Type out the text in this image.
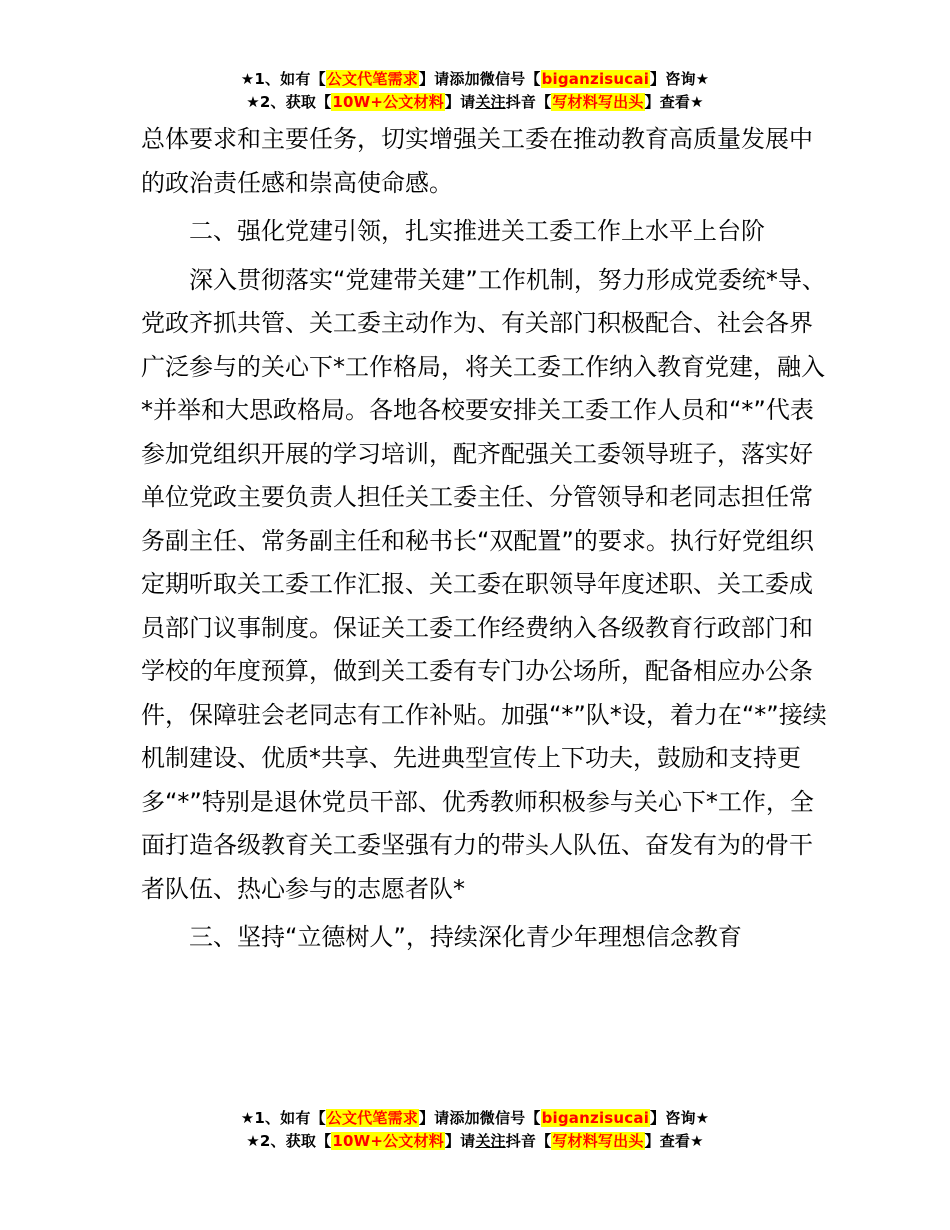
★1、如有【公文代笔需求】请添加微信号【biganzisucai】咨询★
★2、获取【10W+公文材料】请关注抖音【写材料写出头】查看★

总体要求和主要任务，切实增强关工委在推动教育高质量发展中的政治责任感和崇高使命感。

二、强化党建引领，扎实推进关工委工作上水平上台阶

深入贯彻落实“党建带关建”工作机制，努力形成党委统*导、党政齐抓共管、关工委主动作为、有关部门积极配合、社会各界广泛参与的关心下*工作格局，将关工委工作纳入教育党建，融入*并举和大思政格局。各地各校要安排关工委工作人员和“*”代表参加党组织开展的学习培训，配齐配强关工委领导班子，落实好单位党政主要负责人担任关工委主任、分管领导和老同志担任常务副主任、常务副主任和秘书长“双配置”的要求。执行好党组织定期听取关工委工作汇报、关工委在职领导年度述职、关工委成员部门议事制度。保证关工委工作经费纳入各级教育行政部门和学校的年度预算，做到关工委有专门办公场所，配备相应办公条件，保障驻会老同志有工作补贴。加强“*”队*设，着力在“*”接续机制建设、优质*共享、先进典型宣传上下功夫，鼓励和支持更多“*”特别是退休党员干部、优秀教师积极参与关心下*工作，全面打造各级教育关工委坚强有力的带头人队伍、奋发有为的骨干者队伍、热心参与的志愿者队*

三、坚持“立德树人”，持续深化青少年理想信念教育

★1、如有【公文代笔需求】请添加微信号【biganzisucai】咨询★
★2、获取【10W+公文材料】请关注抖音【写材料写出头】查看★
